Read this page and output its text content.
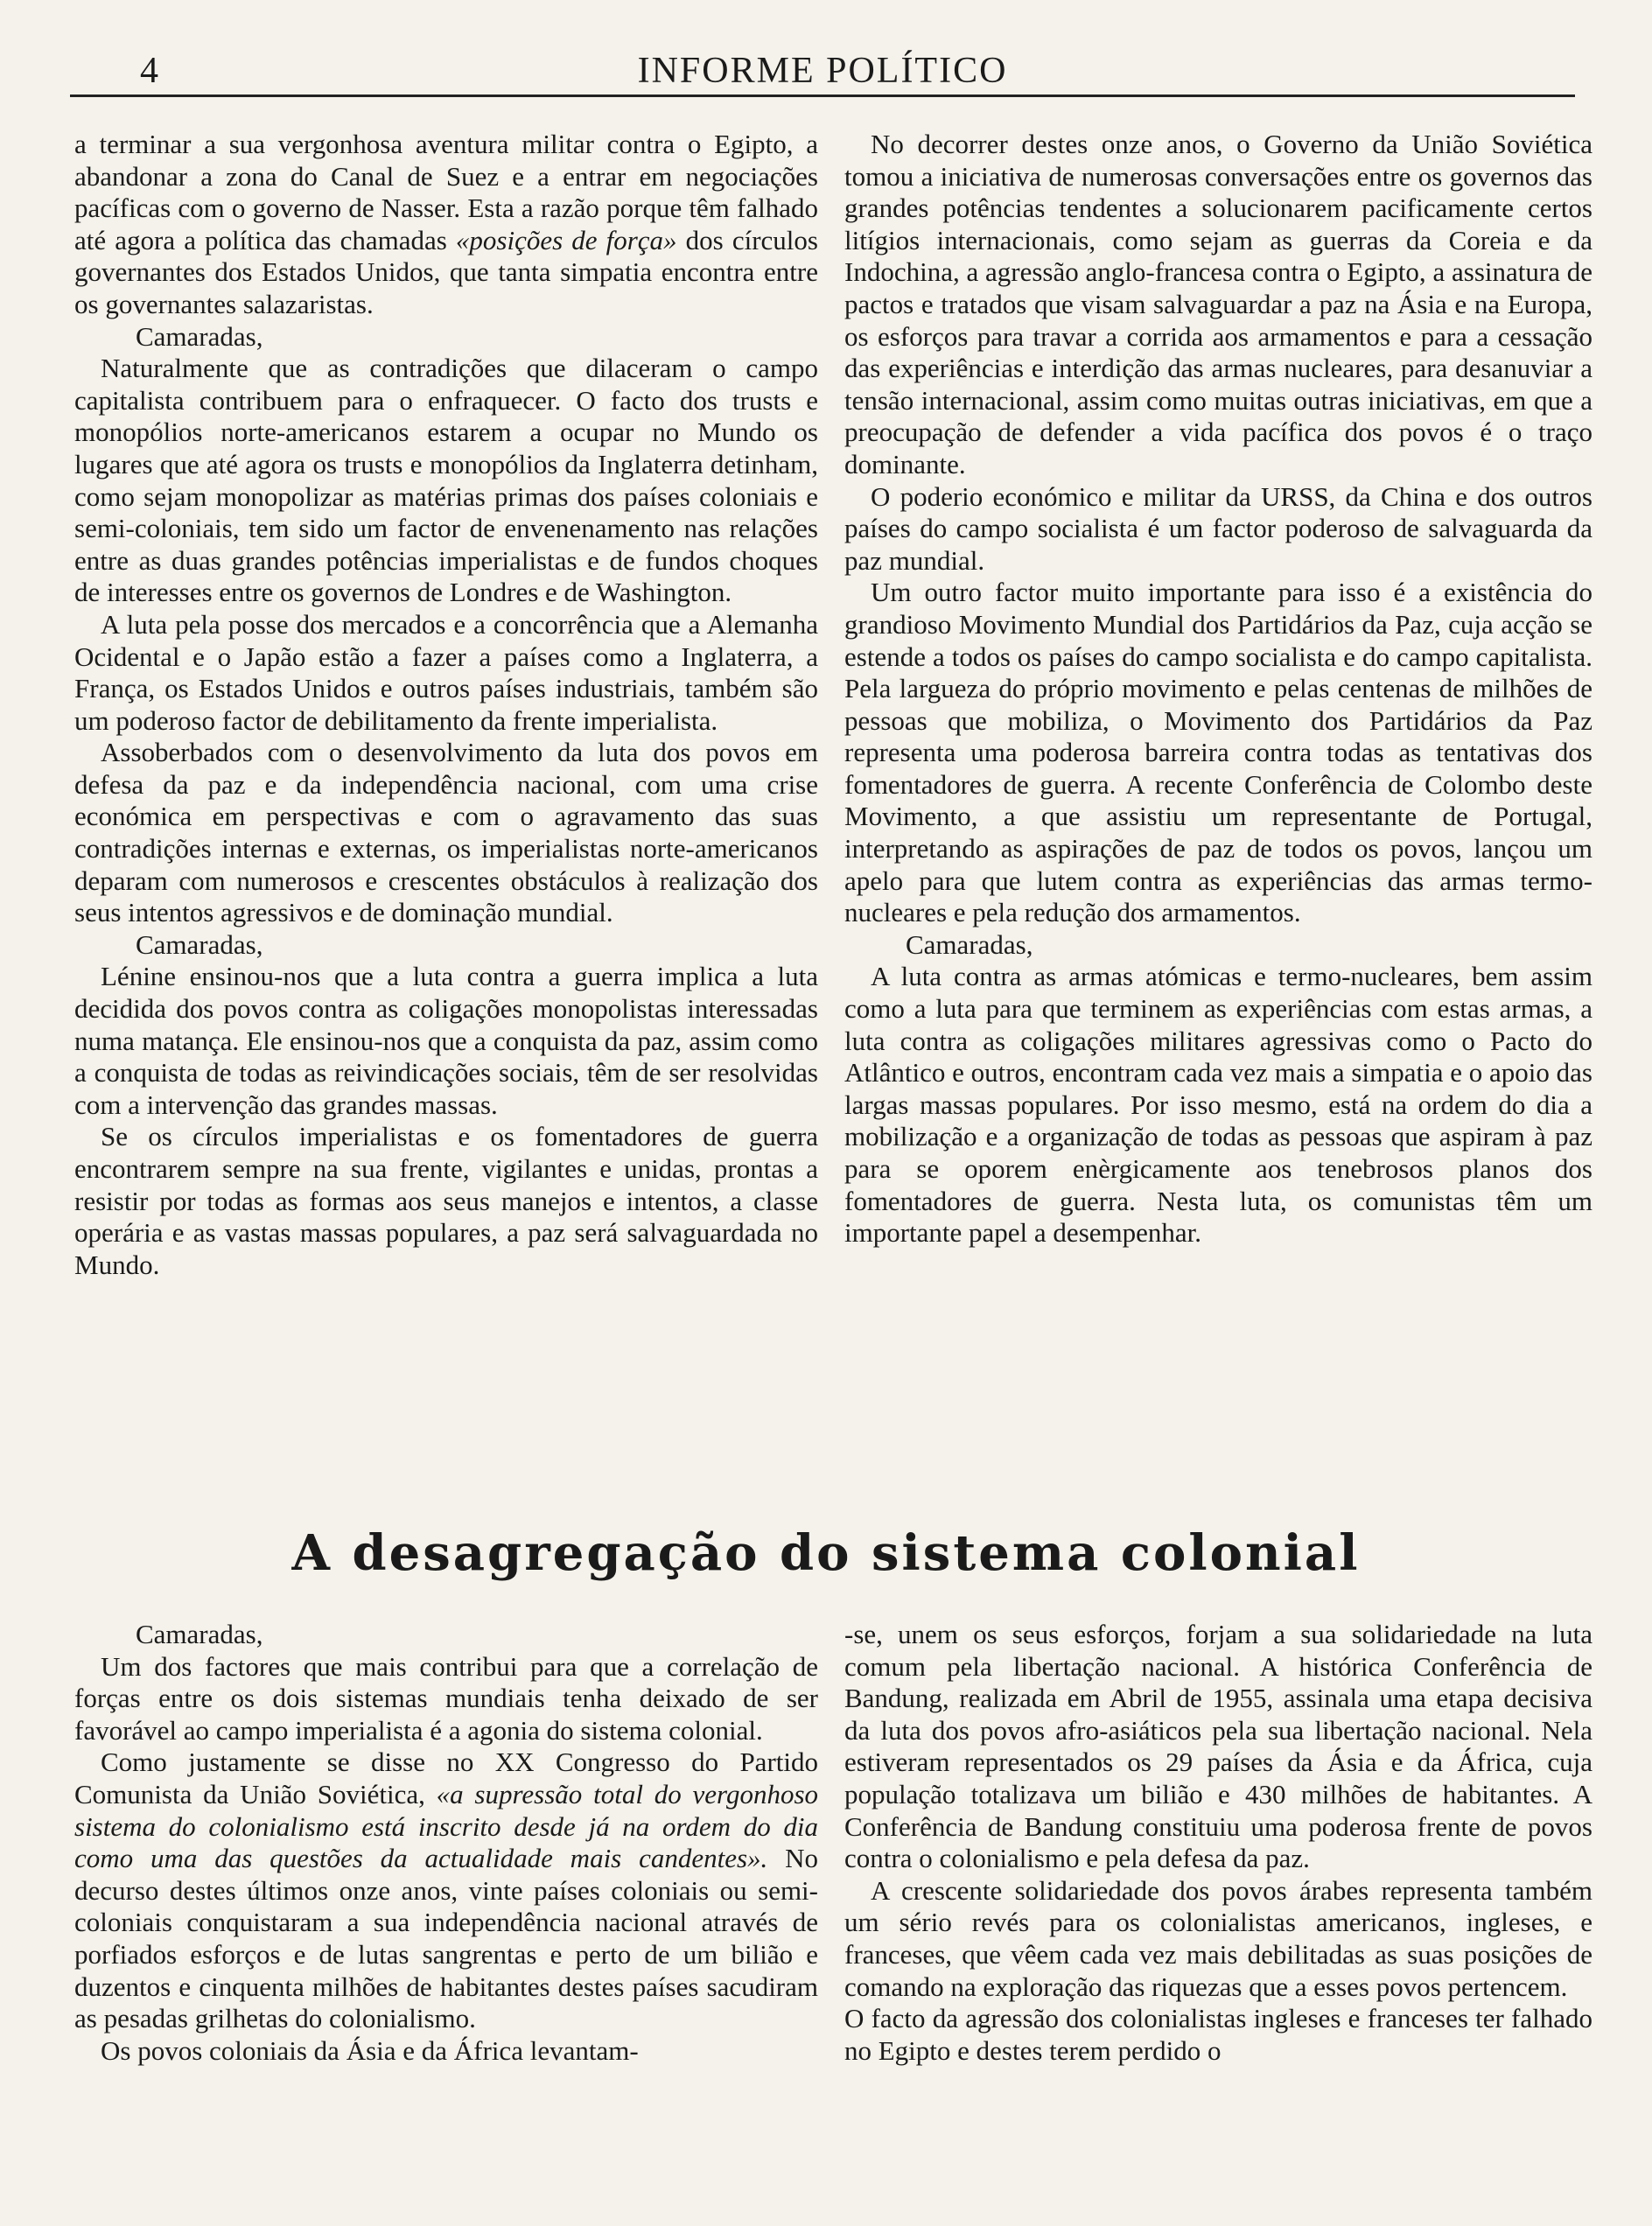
4	INFORME POLÍTICO

a terminar a sua vergonhosa aventura militar contra o Egipto, a abandonar a zona do Canal de Suez e a entrar em negociações pacíficas com o governo de Nasser. Esta a razão porque têm falhado até agora a política das chamadas «posições de força» dos círculos governantes dos Estados Unidos, que tanta simpatia encontra entre os governantes salazaristas.

Camaradas,

Naturalmente que as contradições que dilaceram o campo capitalista contribuem para o enfraquecer. O facto dos trusts e monopólios norte-americanos estarem a ocupar no Mundo os lugares que até agora os trusts e monopólios da Inglaterra detinham, como sejam monopolizar as matérias primas dos países coloniais e semi-coloniais, tem sido um factor de envenenamento nas relações entre as duas grandes potências imperialistas e de fundos choques de interesses entre os governos de Londres e de Washington.

A luta pela posse dos mercados e a concorrência que a Alemanha Ocidental e o Japão estão a fazer a países como a Inglaterra, a França, os Estados Unidos e outros países industriais, também são um poderoso factor de debilitamento da frente imperialista.

Assoberbados com o desenvolvimento da luta dos povos em defesa da paz e da independência nacional, com uma crise económica em perspectivas e com o agravamento das suas contradições internas e externas, os imperialistas norte-americanos deparam com numerosos e crescentes obstáculos à realização dos seus intentos agressivos e de dominação mundial.

Camaradas,

Lénine ensinou-nos que a luta contra a guerra implica a luta decidida dos povos contra as coligações monopolistas interessadas numa matança. Ele ensinou-nos que a conquista da paz, assim como a conquista de todas as reivindicações sociais, têm de ser resolvidas com a intervenção das grandes massas.

Se os círculos imperialistas e os fomentadores de guerra encontrarem sempre na sua frente, vigilantes e unidas, prontas a resistir por todas as formas aos seus manejos e intentos, a classe operária e as vastas massas populares, a paz será salvaguardada no Mundo.

No decorrer destes onze anos, o Governo da União Soviética tomou a iniciativa de numerosas conversações entre os governos das grandes potências tendentes a solucionarem pacificamente certos litígios internacionais, como sejam as guerras da Coreia e da Indochina, a agressão anglo-francesa contra o Egipto, a assinatura de pactos e tratados que visam salvaguardar a paz na Ásia e na Europa, os esforços para travar a corrida aos armamentos e para a cessação das experiências e interdição das armas nucleares, para desanuviar a tensão internacional, assim como muitas outras iniciativas, em que a preocupação de defender a vida pacífica dos povos é o traço dominante.

O poderio económico e militar da URSS, da China e dos outros países do campo socialista é um factor poderoso de salvaguarda da paz mundial.

Um outro factor muito importante para isso é a existência do grandioso Movimento Mundial dos Partidários da Paz, cuja acção se estende a todos os países do campo socialista e do campo capitalista. Pela largueza do próprio movimento e pelas centenas de milhões de pessoas que mobiliza, o Movimento dos Partidários da Paz representa uma poderosa barreira contra todas as tentativas dos fomentadores de guerra. A recente Conferência de Colombo deste Movimento, a que assistiu um representante de Portugal, interpretando as aspirações de paz de todos os povos, lançou um apelo para que lutem contra as experiências das armas termo-nucleares e pela redução dos armamentos.

Camaradas,

A luta contra as armas atómicas e termo-nucleares, bem assim como a luta para que terminem as experiências com estas armas, a luta contra as coligações militares agressivas como o Pacto do Atlântico e outros, encontram cada vez mais a simpatia e o apoio das largas massas populares. Por isso mesmo, está na ordem do dia a mobilização e a organização de todas as pessoas que aspiram à paz para se oporem enèrgicamente aos tenebrosos planos dos fomentadores de guerra. Nesta luta, os comunistas têm um importante papel a desempenhar.

A desagregação do sistema colonial

Camaradas,

Um dos factores que mais contribui para que a correlação de forças entre os dois sistemas mundiais tenha deixado de ser favorável ao campo imperialista é a agonia do sistema colonial.

Como justamente se disse no XX Congresso do Partido Comunista da União Soviética, «a supressão total do vergonhoso sistema do colonialismo está inscrito desde já na ordem do dia como uma das questões da actualidade mais candentes». No decurso destes últimos onze anos, vinte países coloniais ou semi-coloniais conquistaram a sua independência nacional através de porfiados esforços e de lutas sangrentas e perto de um bilião e duzentos e cinquenta milhões de habitantes destes países sacudiram as pesadas grilhetas do colonialismo.

Os povos coloniais da Ásia e da África levantam-

-se, unem os seus esforços, forjam a sua solidariedade na luta comum pela libertação nacional. A histórica Conferência de Bandung, realizada em Abril de 1955, assinala uma etapa decisiva da luta dos povos afro-asiáticos pela sua libertação nacional. Nela estiveram representados os 29 países da Ásia e da África, cuja população totalizava um bilião e 430 milhões de habitantes. A Conferência de Bandung constituiu uma poderosa frente de povos contra o colonialismo e pela defesa da paz.

A crescente solidariedade dos povos árabes representa também um sério revés para os colonialistas americanos, ingleses, e franceses, que vêem cada vez mais debilitadas as suas posições de comando na exploração das riquezas que a esses povos pertencem.

O facto da agressão dos colonialistas ingleses e franceses ter falhado no Egipto e destes terem perdido o
